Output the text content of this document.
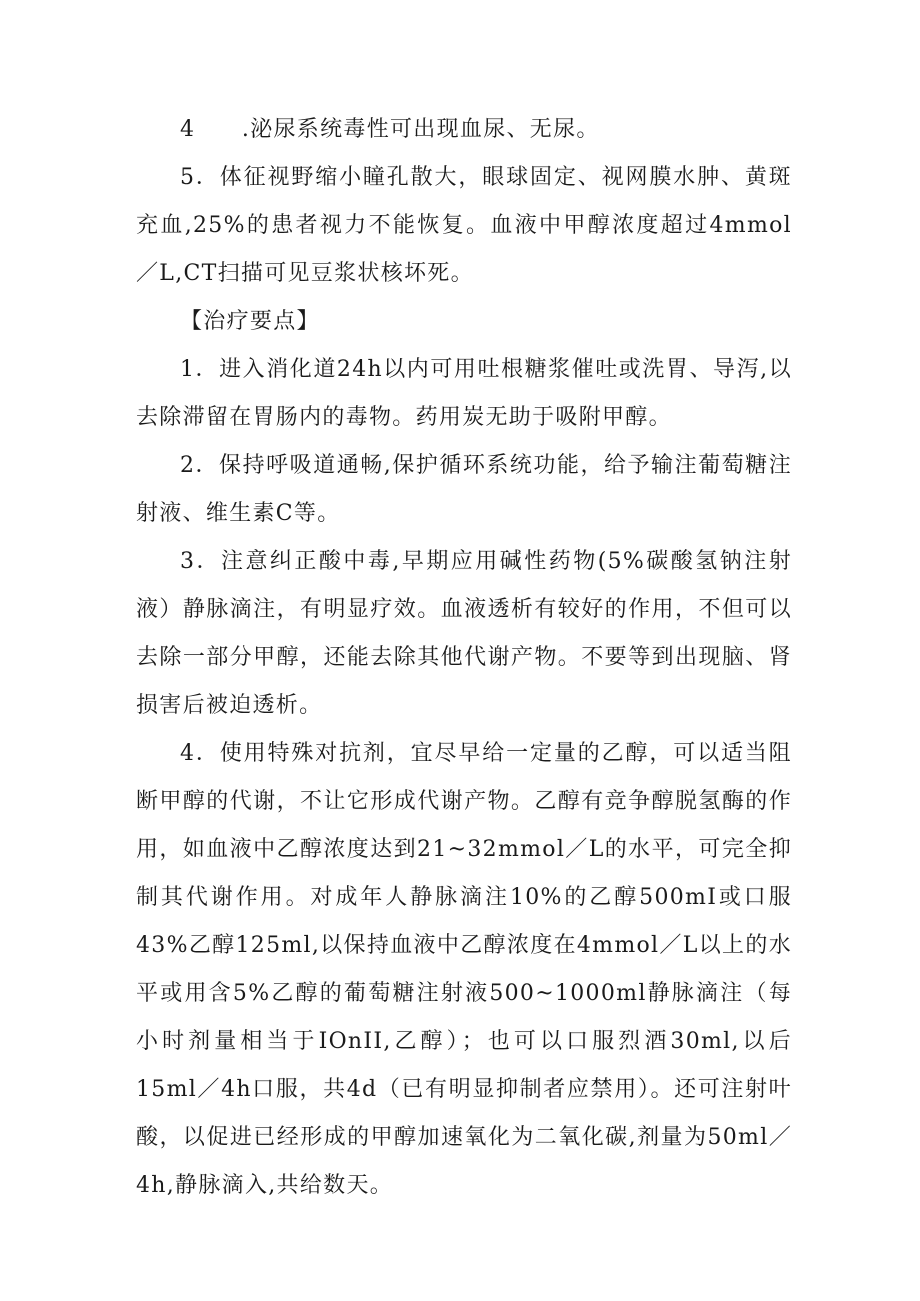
4　　.泌尿系统毒性可出现血尿、无尿。

5．体征视野缩小瞳孔散大，眼球固定、视网膜水肿、黄斑充血,25%的患者视力不能恢复。血液中甲醇浓度超过4mmol／L,CT扫描可见豆浆状核坏死。

【治疗要点】

1．进入消化道24h以内可用吐根糖浆催吐或洗胃、导泻,以去除滞留在胃肠内的毒物。药用炭无助于吸附甲醇。

2．保持呼吸道通畅,保护循环系统功能，给予输注葡萄糖注射液、维生素C等。

3．注意纠正酸中毒,早期应用碱性药物(5%碳酸氢钠注射液）静脉滴注，有明显疗效。血液透析有较好的作用，不但可以去除一部分甲醇，还能去除其他代谢产物。不要等到出现脑、肾损害后被迫透析。

4．使用特殊对抗剂，宜尽早给一定量的乙醇，可以适当阻断甲醇的代谢，不让它形成代谢产物。乙醇有竞争醇脱氢酶的作用，如血液中乙醇浓度达到21~32mmol／L的水平，可完全抑制其代谢作用。对成年人静脉滴注10%的乙醇500mI或口服43%乙醇125ml,以保持血液中乙醇浓度在4mmol／L以上的水平或用含5%乙醇的葡萄糖注射液500~1000ml静脉滴注（每小时剂量相当于IOnII,乙醇）；也可以口服烈酒30ml,以后15ml／4h口服，共4d（已有明显抑制者应禁用）。还可注射叶酸，以促进已经形成的甲醇加速氧化为二氧化碳,剂量为50ml／4h,静脉滴入,共给数天。
